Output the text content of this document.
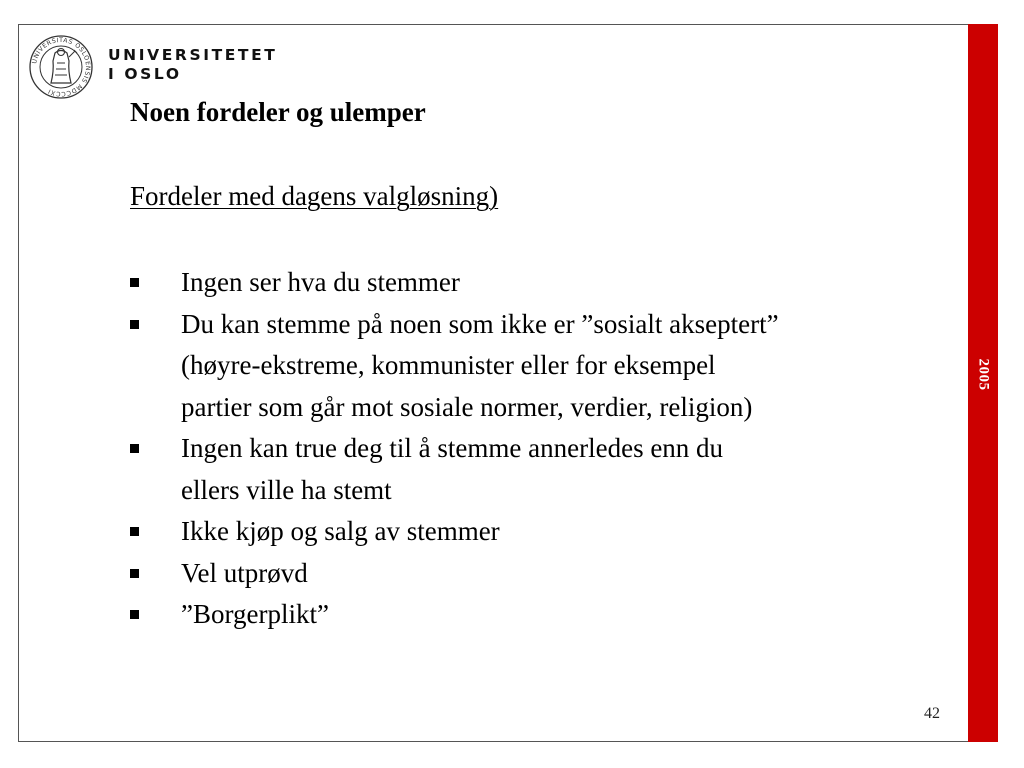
2005
UNIVERSITAS OSLOENSIS MDCCCXI
UNIVERSITETET
I OSLO
Noen fordeler og ulemper
Fordeler med dagens valgløsning)
Ingen ser hva du stemmer
Du kan stemme på noen som ikke er ”sosialt akseptert”
(høyre-ekstreme, kommunister eller for eksempel
partier som går mot sosiale normer, verdier, religion)
Ingen kan true deg til å stemme annerledes enn du
ellers ville ha stemt
Ikke kjøp og salg av stemmer
Vel utprøvd
”Borgerplikt”
42
